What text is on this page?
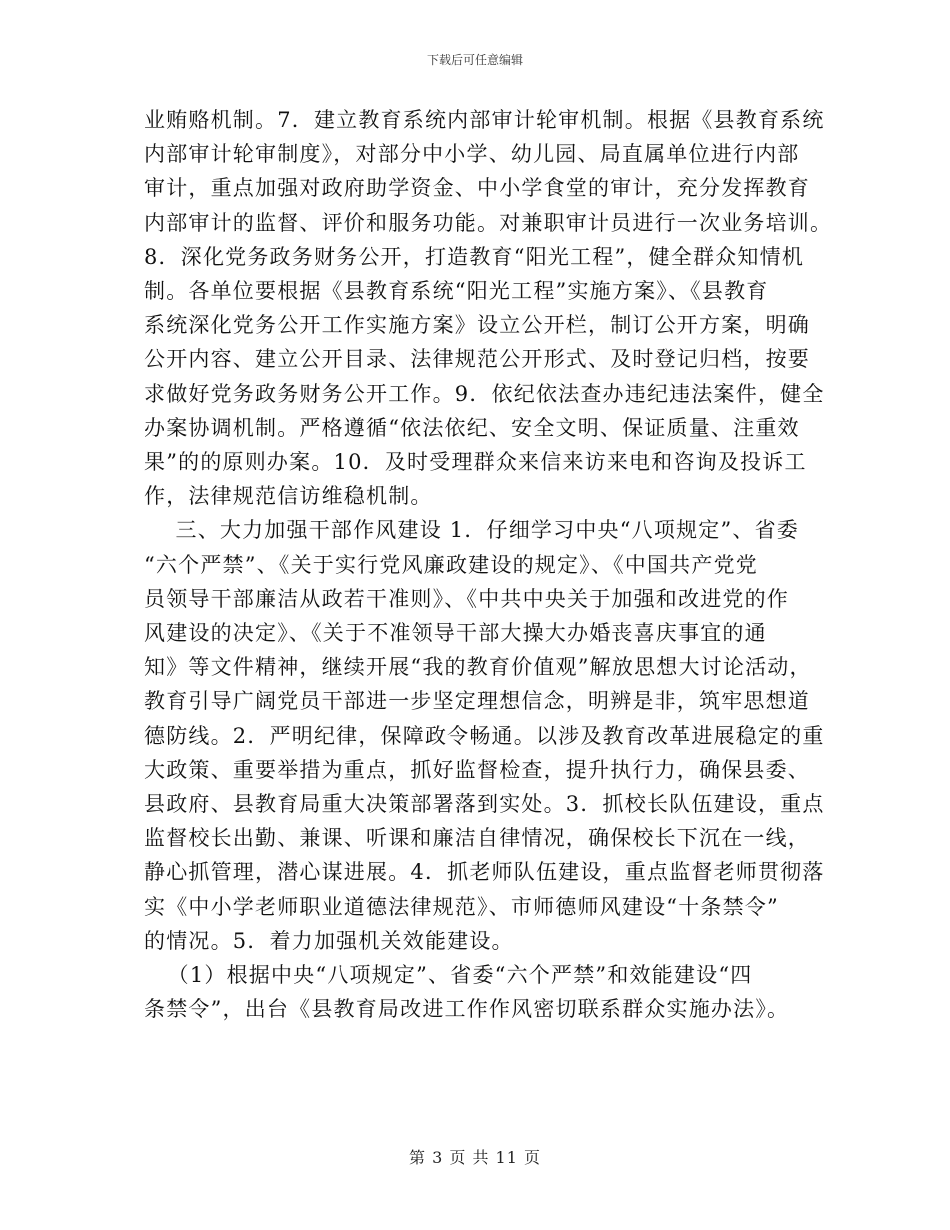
下载后可任意编辑

业贿赂机制。7．建立教育系统内部审计轮审机制。根据《县教育系统

内部审计轮审制度》，对部分中小学、幼儿园、局直属单位进行内部

审计，重点加强对政府助学资金、中小学食堂的审计，充分发挥教育

内部审计的监督、评价和服务功能。对兼职审计员进行一次业务培训。

8．深化党务政务财务公开，打造教育“阳光工程”，健全群众知情机

制。各单位要根据《县教育系统“阳光工程”实施方案》、《县教育

系统深化党务公开工作实施方案》设立公开栏，制订公开方案，明确

公开内容、建立公开目录、法律规范公开形式、及时登记归档，按要

求做好党务政务财务公开工作。9．依纪依法查办违纪违法案件，健全

办案协调机制。严格遵循“依法依纪、安全文明、保证质量、注重效

果”的的原则办案。10．及时受理群众来信来访来电和咨询及投诉工

作，法律规范信访维稳机制。

三、大力加强干部作风建设 1．仔细学习中央“八项规定”、省委

“六个严禁”、《关于实行党风廉政建设的规定》、《中国共产党党

员领导干部廉洁从政若干准则》、《中共中央关于加强和改进党的作

风建设的决定》、《关于不准领导干部大操大办婚丧喜庆事宜的通

知》等文件精神，继续开展“我的教育价值观”解放思想大讨论活动，

教育引导广阔党员干部进一步坚定理想信念，明辨是非，筑牢思想道

德防线。2．严明纪律，保障政令畅通。以涉及教育改革进展稳定的重

大政策、重要举措为重点，抓好监督检查，提升执行力，确保县委、

县政府、县教育局重大决策部署落到实处。3．抓校长队伍建设，重点

监督校长出勤、兼课、听课和廉洁自律情况，确保校长下沉在一线，

静心抓管理，潜心谋进展。4．抓老师队伍建设，重点监督老师贯彻落

实《中小学老师职业道德法律规范》、市师德师风建设“十条禁令”

的情况。5．着力加强机关效能建设。

（1）根据中央“八项规定”、省委“六个严禁”和效能建设“四

条禁令”，出台《县教育局改进工作作风密切联系群众实施办法》。

第 3 页 共 11 页
